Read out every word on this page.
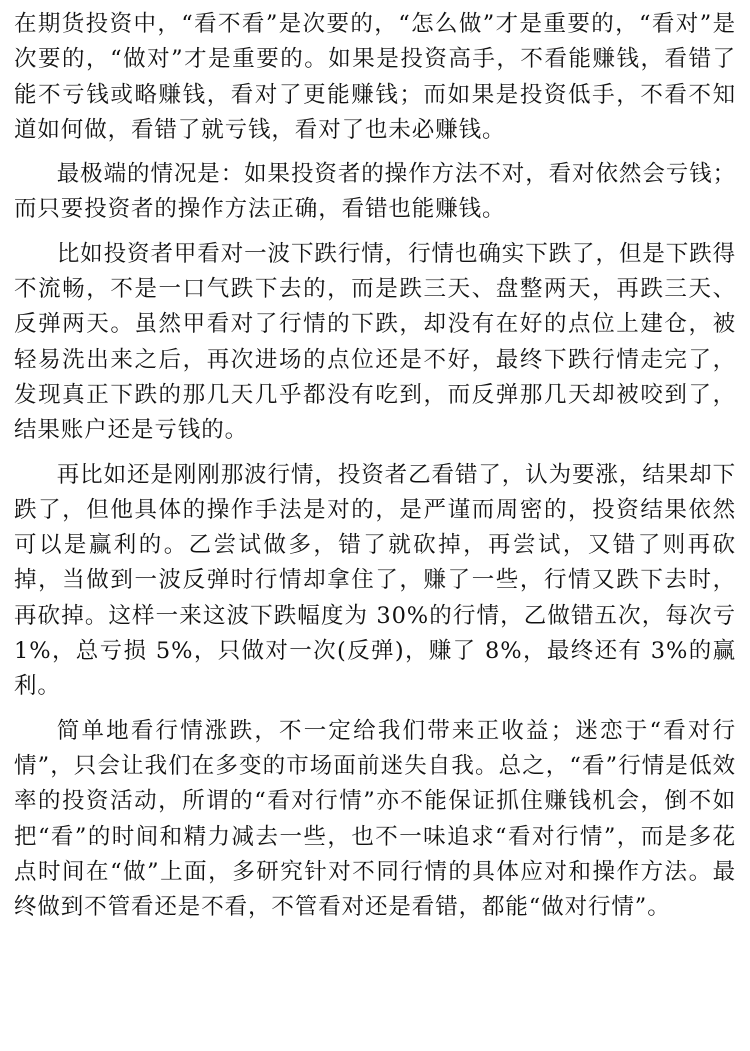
在期货投资中，“看不看”是次要的，“怎么做”才是重要的，“看对”是次要的，“做对”才是重要的。如果是投资高手，不看能赚钱，看错了能不亏钱或略赚钱，看对了更能赚钱；而如果是投资低手，不看不知道如何做，看错了就亏钱，看对了也未必赚钱。

最极端的情况是：如果投资者的操作方法不对，看对依然会亏钱；而只要投资者的操作方法正确，看错也能赚钱。

比如投资者甲看对一波下跌行情，行情也确实下跌了，但是下跌得不流畅，不是一口气跌下去的，而是跌三天、盘整两天，再跌三天、反弹两天。虽然甲看对了行情的下跌，却没有在好的点位上建仓，被轻易洗出来之后，再次进场的点位还是不好，最终下跌行情走完了，发现真正下跌的那几天几乎都没有吃到，而反弹那几天却被咬到了，结果账户还是亏钱的。

再比如还是刚刚那波行情，投资者乙看错了，认为要涨，结果却下跌了，但他具体的操作手法是对的，是严谨而周密的，投资结果依然可以是赢利的。乙尝试做多，错了就砍掉，再尝试，又错了则再砍掉，当做到一波反弹时行情却拿住了，赚了一些，行情又跌下去时，再砍掉。这样一来这波下跌幅度为 30%的行情，乙做错五次，每次亏 1%，总亏损 5%，只做对一次(反弹)，赚了 8%，最终还有 3%的赢利。

简单地看行情涨跌，不一定给我们带来正收益；迷恋于“看对行情”，只会让我们在多变的市场面前迷失自我。总之，“看”行情是低效率的投资活动，所谓的“看对行情”亦不能保证抓住赚钱机会，倒不如把“看”的时间和精力减去一些，也不一味追求“看对行情”，而是多花点时间在“做”上面，多研究针对不同行情的具体应对和操作方法。最终做到不管看还是不看，不管看对还是看错，都能“做对行情”。
